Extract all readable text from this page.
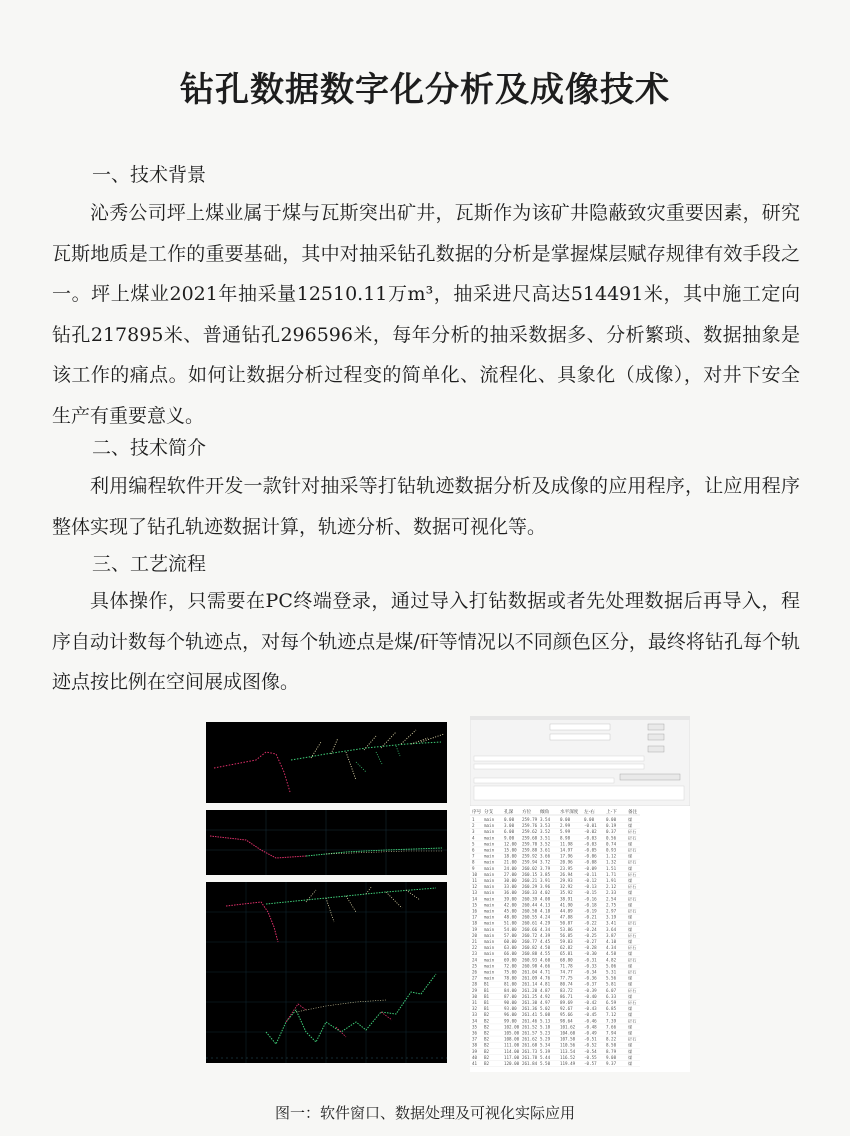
钻孔数据数字化分析及成像技术
一、技术背景
沁秀公司坪上煤业属于煤与瓦斯突出矿井，瓦斯作为该矿井隐蔽致灾重要因素，研究瓦斯地质是工作的重要基础，其中对抽采钻孔数据的分析是掌握煤层赋存规律有效手段之一。坪上煤业2021年抽采量12510.11万m³，抽采进尺高达514491米，其中施工定向钻孔217895米、普通钻孔296596米，每年分析的抽采数据多、分析繁琐、数据抽象是该工作的痛点。如何让数据分析过程变的简单化、流程化、具象化（成像），对井下安全生产有重要意义。
二、技术简介
利用编程软件开发一款针对抽采等打钻轨迹数据分析及成像的应用程序，让应用程序整体实现了钻孔轨迹数据计算，轨迹分析、数据可视化等。
三、工艺流程
具体操作，只需要在PC终端登录，通过导入打钻数据或者先处理数据后再导入，程序自动计数每个轨迹点，对每个轨迹点是煤/矸等情况以不同颜色区分，最终将钻孔每个轨迹点按比例在空间展成图像。
序号 分支 孔深 方位 倾角 水平深度 左-右 上-下 备注
1 main 0.00 259.79 3.54 0.00	0.00	0.00	煤
2 main 3.00 259.76 3.53 2.99	-0.01 0.19	煤
3 main 6.00 259.62 3.52 5.99	-0.02 0.37	矸石
4 main 9.00 259.68 3.51 8.98	-0.03 0.56	矸石
5 main 12.00 259.70 3.52 11.98	-0.03 0.74	煤
6 main 15.00 259.88 3.61 14.97	-0.05 0.93	矸石
7 main 18.00 259.92 3.66 17.96	-0.06 1.12	煤
8 main 21.00 259.94 3.72 20.96	-0.08 1.32	矸石
9 main 24.00 260.02 3.79 23.95	-0.09 1.51	煤
10 main 27.00 260.15 3.85 26.94	-0.11 1.71	矸石
11 main 30.00 260.21 3.91 29.93	-0.12 1.91	煤
12 main 33.00 260.29 3.96 32.92	-0.13 2.12	矸石
13 main 36.00 260.33 4.02 35.92	-0.15 2.33	煤
14 main 39.00 260.39 4.08 38.91	-0.16 2.54	矸石
15 main 42.00 260.44 4.13 41.90	-0.18 2.75	煤
16 main 45.00 260.50 4.18 44.89	-0.19 2.97	矸石
17 main 48.00 260.55 4.24 47.88	-0.21 3.19	煤
18 main 51.00 260.61 4.29 50.87	-0.22 3.41	矸石
19 main 54.00 260.66 4.34 53.86	-0.24 3.64	煤
20 main 57.00 260.72 4.39 56.85	-0.25 3.87	矸石
21 main 60.00 260.77 4.45 59.83	-0.27 4.10	煤
22 main 63.00 260.82 4.50 62.82	-0.28 4.34	矸石
23 main 66.00 260.88 4.55 65.81	-0.30 4.58	煤
24 main 69.00 260.93 4.60 68.80	-0.31 4.82	矸石
25 main 72.00 260.98 4.66 71.78	-0.33 5.06	煤
26 main 75.00 261.04 4.71 74.77	-0.34 5.31	矸石
27 main 78.00 261.09 4.76 77.75	-0.36 5.56	煤
28 B1	81.00 261.14 4.81 80.74	-0.37 5.81	煤
29 B1	84.00 261.20 4.87 83.72	-0.39 6.07	矸石
30 B1	87.00 261.25 4.92 86.71	-0.40 6.33	煤
31 B1	90.00 261.30 4.97 89.69	-0.42 6.59	矸石
32 B1	93.00 261.36 5.02 92.67	-0.43 6.85	煤
33 B2	96.00 261.41 5.08 95.66	-0.45 7.12	煤
34 B2	99.00 261.46 5.13 98.64	-0.46 7.39	矸石
35 B2	102.00 261.52 5.18 101.62 -0.48 7.66	煤
36 B2	105.00 261.57 5.23 104.60 -0.49 7.94	煤
37 B2	108.00 261.62 5.29 107.58 -0.51 8.22	矸石
38 B2	111.00 261.68 5.34 110.56 -0.52 8.50	煤
39 B2	114.00 261.73 5.39 113.54 -0.54 8.79	煤
40 B2	117.00 261.78 5.44 116.52 -0.55 9.08	煤
41 B2	120.00 261.84 5.50 119.49 -0.57 9.37	煤
图一：软件窗口、数据处理及可视化实际应用
